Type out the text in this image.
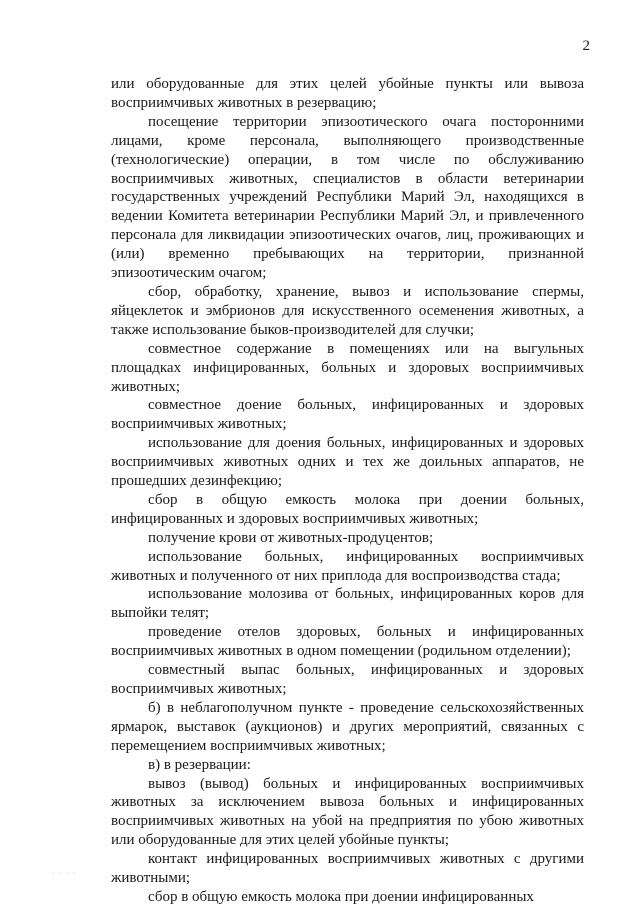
2

или оборудованные для этих целей убойные пункты или вывоза восприимчивых животных в резервацию;

посещение территории эпизоотического очага посторонними лицами, кроме персонала, выполняющего производственные (технологические) операции, в том числе по обслуживанию восприимчивых животных, специалистов в области ветеринарии государственных учреждений Республики Марий Эл, находящихся в ведении Комитета ветеринарии Республики Марий Эл, и привлеченного персонала для ликвидации эпизоотических очагов, лиц, проживающих и (или) временно пребывающих на территории, признанной эпизоотическим очагом;

сбор, обработку, хранение, вывоз и использование спермы, яйцеклеток и эмбрионов для искусственного осеменения животных, а также использование быков-производителей для случки;

совместное содержание в помещениях или на выгульных площадках инфицированных, больных и здоровых восприимчивых животных;

совместное доение больных, инфицированных и здоровых восприимчивых животных;

использование для доения больных, инфицированных и здоровых восприимчивых животных одних и тех же доильных аппаратов, не прошедших дезинфекцию;

сбор в общую емкость молока при доении больных, инфицированных и здоровых восприимчивых животных;

получение крови от животных-продуцентов;

использование больных, инфицированных восприимчивых животных и полученного от них приплода для воспроизводства стада;

использование молозива от больных, инфицированных коров для выпойки телят;

проведение отелов здоровых, больных и инфицированных восприимчивых животных в одном помещении (родильном отделении);

совместный выпас больных, инфицированных и здоровых восприимчивых животных;

б) в неблагополучном пункте - проведение сельскохозяйственных ярмарок, выставок (аукционов) и других мероприятий, связанных с перемещением восприимчивых животных;

в) в резервации:

вывоз (вывод) больных и инфицированных восприимчивых животных за исключением вывоза больных и инфицированных восприимчивых животных на убой на предприятия по убою животных или оборудованные для этих целей убойные пункты;

контакт инфицированных восприимчивых животных с другими животными;

сбор в общую емкость молока при доении инфицированных

· · · ·
